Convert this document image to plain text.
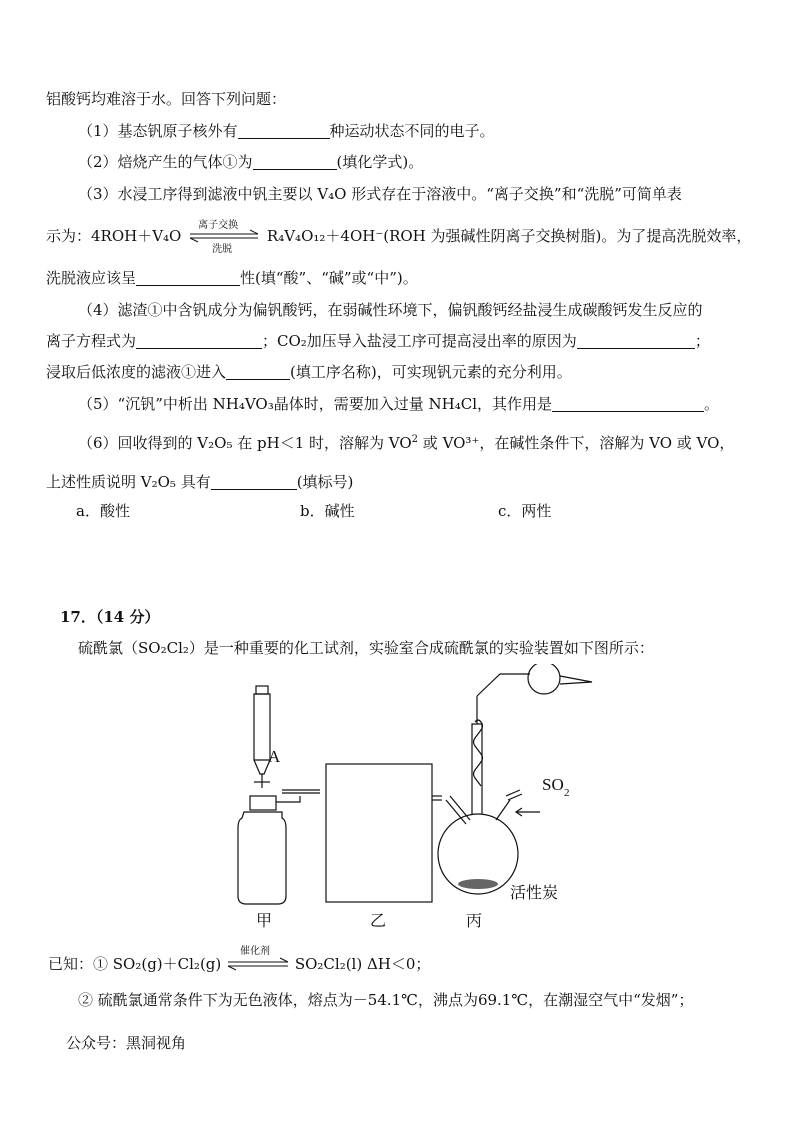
铝酸钙均难溶于水。回答下列问题：
（1）基态钒原子核外有	种运动状态不同的电子。
（2）焙烧产生的气体①为	(填化学式)。
（3）水浸工序得到滤液中钒主要以 V₄O 形式存在于溶液中。“离子交换”和“洗脱”可简单表
示为：4ROH＋V₄O
离子交换
洗脱
R₄V₄O₁₂＋4OH⁻(ROH 为强碱性阴离子交换树脂)。为了提高洗脱效率，
洗脱液应该呈	性(填“酸”、“碱”或“中”)。
（4）滤渣①中含钒成分为偏钒酸钙，在弱碱性环境下，偏钒酸钙经盐浸生成碳酸钙发生反应的
离子方程式为	；CO₂加压导入盐浸工序可提高浸出率的原因为	；
浸取后低浓度的滤液①进入	(填工序名称)，可实现钒元素的充分利用。
（5）“沉钒”中析出 NH₄VO₃晶体时，需要加入过量 NH₄Cl，其作用是	。
（6）回收得到的 V₂O₅ 在 pH＜1 时，溶解为 $VO^2$ 或 VO³⁺，在碱性条件下，溶解为 VO 或 VO，
上述性质说明 V₂O₅ 具有	(填标号)
a．酸性	b．碱性	c．两性
17．（14 分）
硫酰氯（SO₂Cl₂）是一种重要的化工试剂，实验室合成硫酰氯的实验装置如下图所示：
A
SO 2
活性炭
甲	乙	丙
已知：① SO₂(g)＋Cl₂(g)
催化剂
SO₂Cl₂(l) ΔH＜0；
② 硫酰氯通常条件下为无色液体，熔点为－54.1℃，沸点为69.1℃，在潮湿空气中“发烟”；
公众号：黑洞视角
